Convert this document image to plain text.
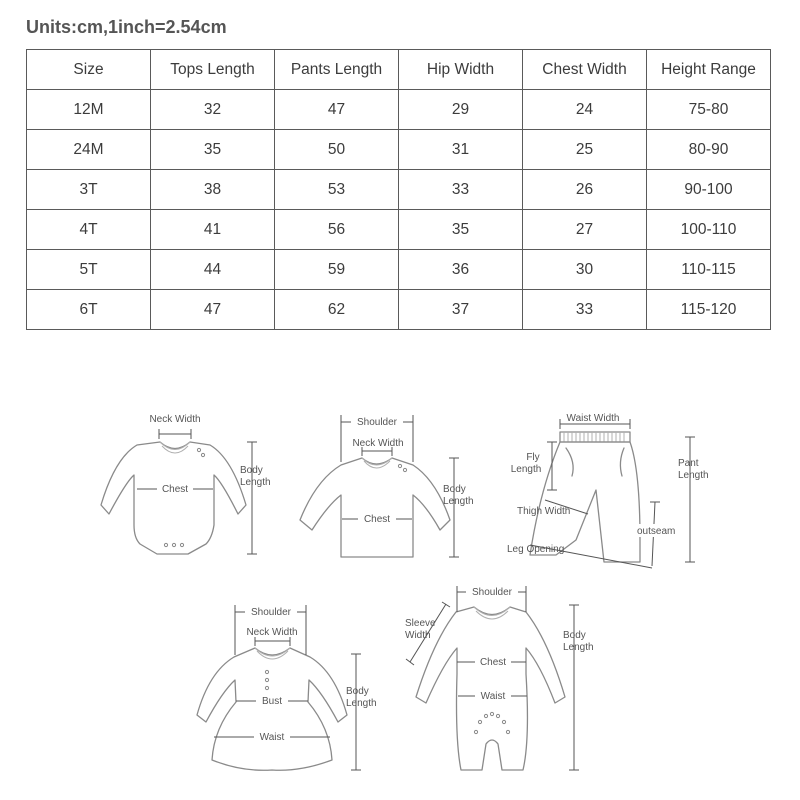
Units:cm,1inch=2.54cm
Size	Tops Length	Pants Length	Hip Width	Chest Width	Height Range
12M	32	47	29	24	75-80
24M	35	50	31	25	80-90
3T	38	53	33	26	90-100
4T	41	56	35	27	100-110
5T	44	59	36	30	110-115
6T	47	62	37	33	115-120
Neck Width
Chest
Body
Length
Shoulder
Neck Width
Chest
Body
Length
Waist Width
Fly
Length
Pant
Length
Thigh Width
outseam
Leg Opening
Shoulder
Neck Width
Bust
Waist
Body
Length
Shoulder
Sleeve
Width
Chest
Waist
Body
Length
